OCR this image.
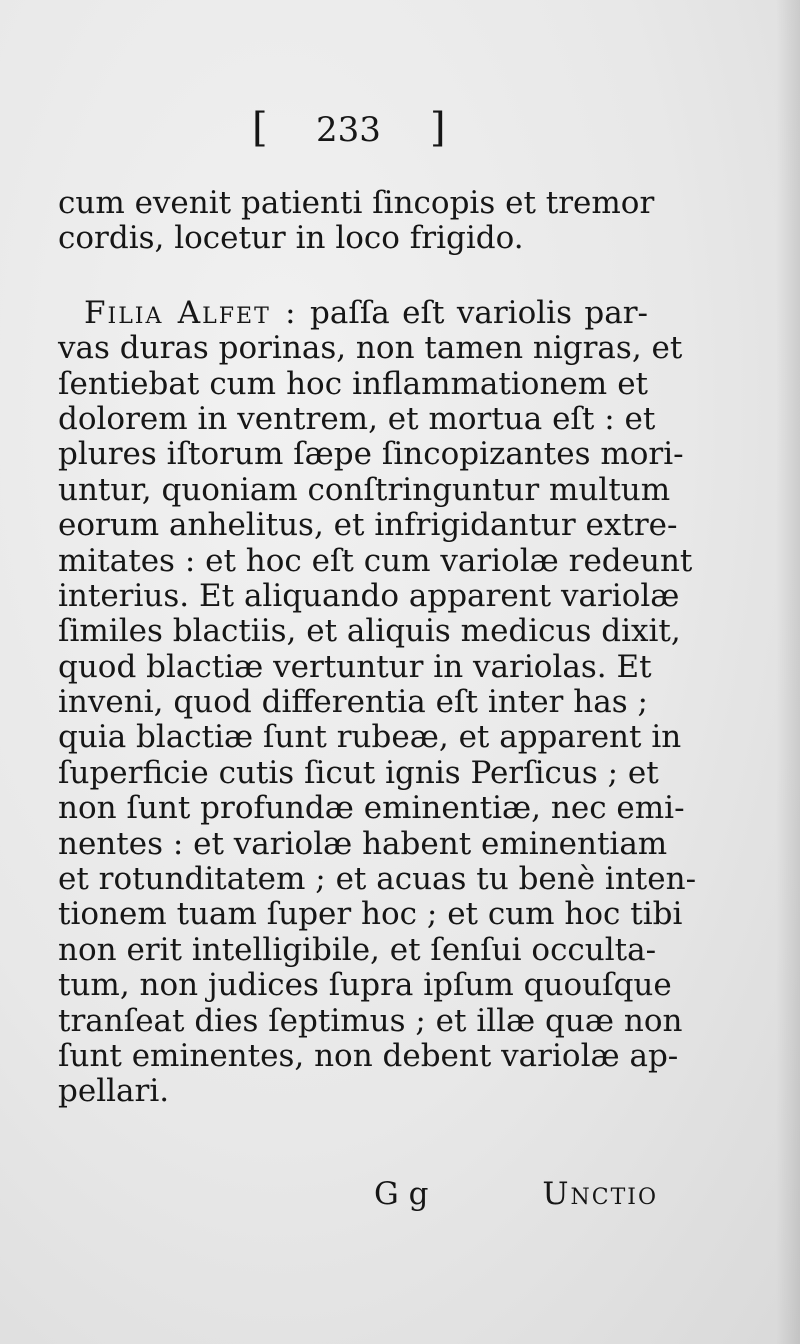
[ 233 ]
cum evenit patienti ſincopis et tremor
cordis, locetur in loco frigido.
Filia Alfet : paſſa eſt variolis par-
vas duras porinas, non tamen nigras, et
ſentiebat cum hoc inflammationem et
dolorem in ventrem, et mortua eſt : et
plures iſtorum ſæpe ſincopizantes mori-
untur, quoniam conſtringuntur multum
eorum anhelitus, et infrigidantur extre-
mitates : et hoc eſt cum variolæ redeunt
interius. Et aliquando apparent variolæ
ſimiles blactiis, et aliquis medicus dixit,
quod blactiæ vertuntur in variolas. Et
inveni, quod differentia eſt inter has ;
quia blactiæ ſunt rubeæ, et apparent in
ſuperficie cutis ſicut ignis Perſicus ; et
non ſunt profundæ eminentiæ, nec emi-
nentes : et variolæ habent eminentiam
et rotunditatem ; et acuas tu benè inten-
tionem tuam ſuper hoc ; et cum hoc tibi
non erit intelligibile, et ſenſui occulta-
tum, non judices ſupra ipſum quouſque
tranſeat dies ſeptimus ; et illæ quæ non
ſunt eminentes, non debent variolæ ap-
pellari.
G g	Unctio
